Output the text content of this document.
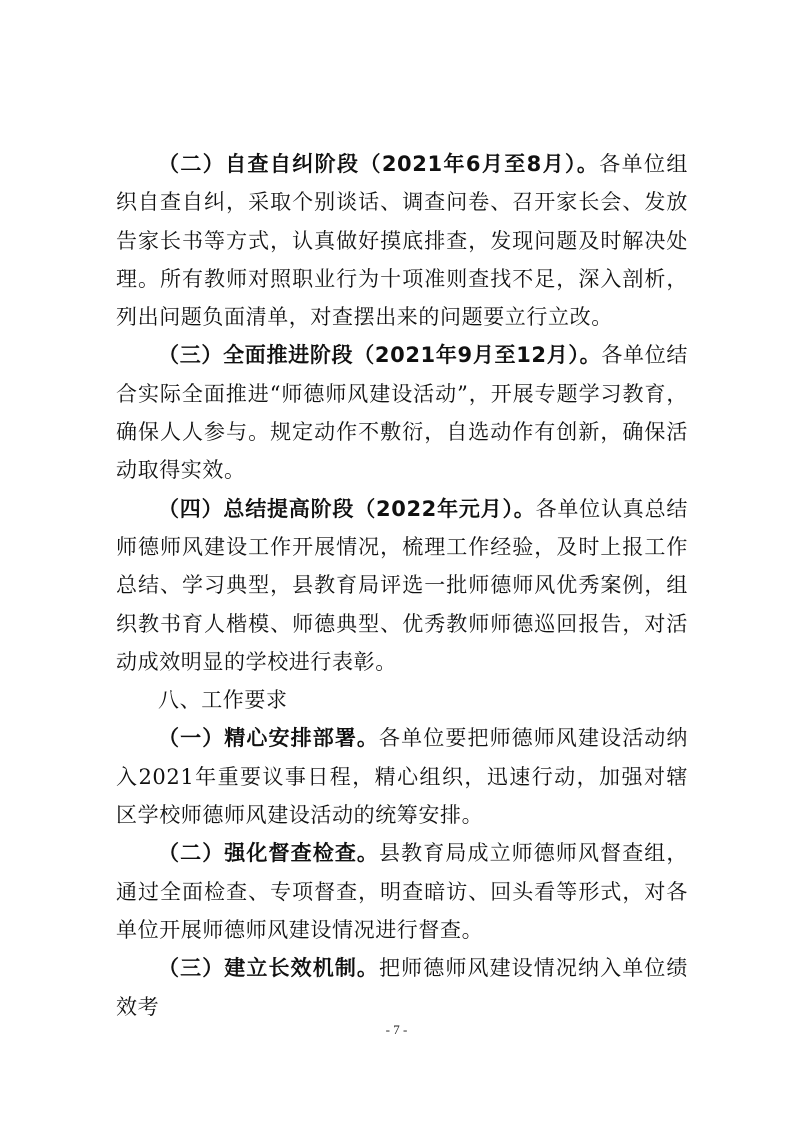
（二）自查自纠阶段（2021年6月至8月）。各单位组织自查自纠，采取个别谈话、调查问卷、召开家长会、发放告家长书等方式，认真做好摸底排查，发现问题及时解决处理。所有教师对照职业行为十项准则查找不足，深入剖析，列出问题负面清单，对查摆出来的问题要立行立改。

（三）全面推进阶段（2021年9月至12月）。各单位结合实际全面推进“师德师风建设活动”，开展专题学习教育，确保人人参与。规定动作不敷衍，自选动作有创新，确保活动取得实效。

（四）总结提高阶段（2022年元月）。各单位认真总结师德师风建设工作开展情况，梳理工作经验，及时上报工作总结、学习典型，县教育局评选一批师德师风优秀案例，组织教书育人楷模、师德典型、优秀教师师德巡回报告，对活动成效明显的学校进行表彰。

八、工作要求

（一）精心安排部署。各单位要把师德师风建设活动纳入2021年重要议事日程，精心组织，迅速行动，加强对辖区学校师德师风建设活动的统筹安排。

（二）强化督查检查。县教育局成立师德师风督查组，通过全面检查、专项督查，明查暗访、回头看等形式，对各单位开展师德师风建设情况进行督查。

（三）建立长效机制。把师德师风建设情况纳入单位绩效考

- 7 -
